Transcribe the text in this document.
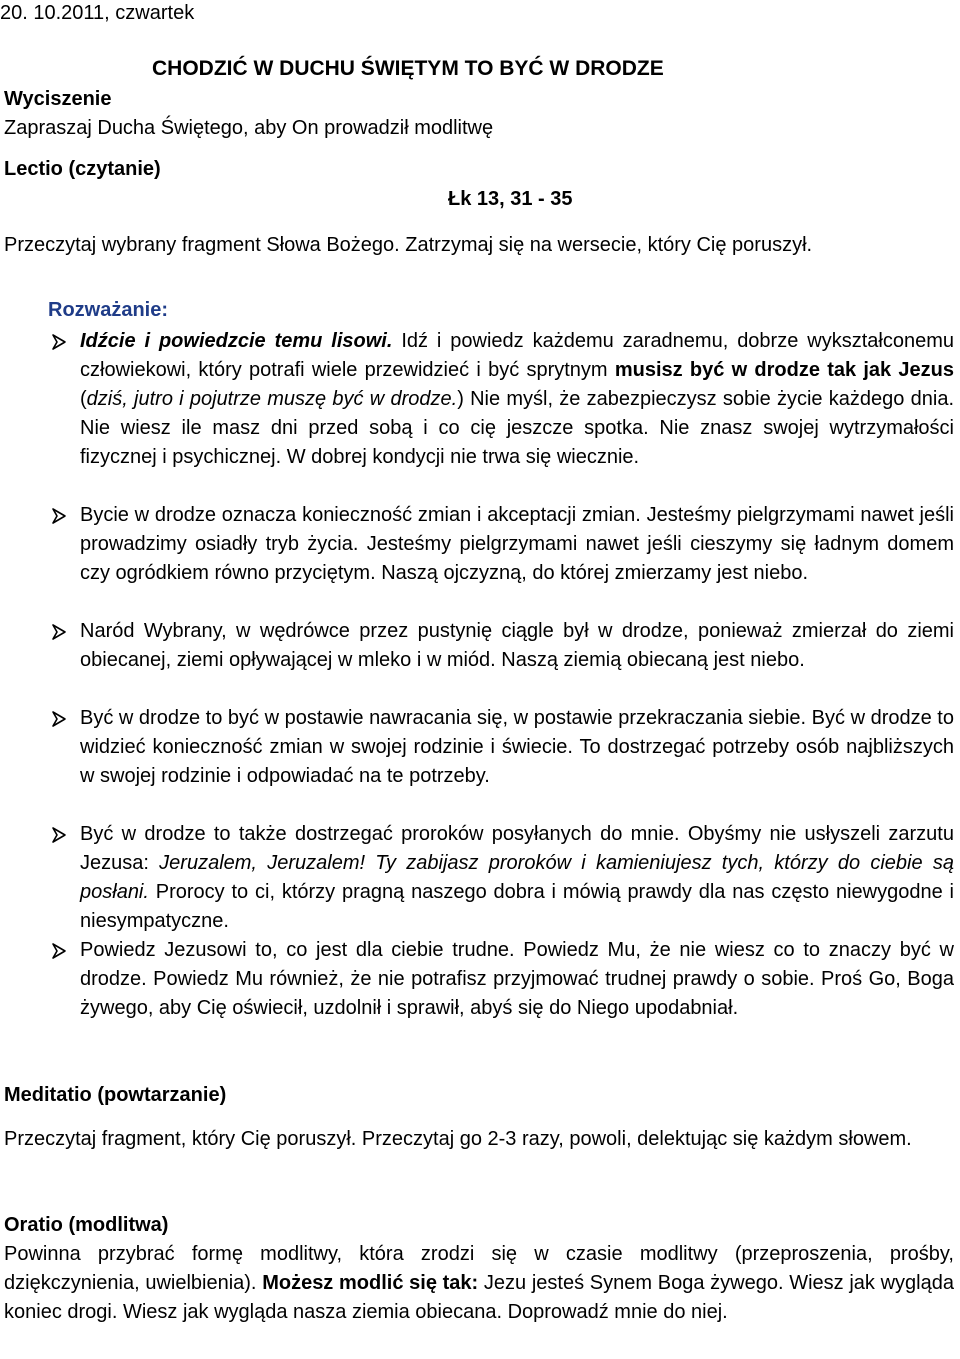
20. 10.2011, czwartek
CHODZIĆ W DUCHU ŚWIĘTYM TO BYĆ W DRODZE
Wyciszenie
Zapraszaj Ducha Świętego, aby On prowadził modlitwę
Lectio (czytanie)
Łk 13, 31 - 35
Przeczytaj wybrany fragment Słowa Bożego. Zatrzymaj się na wersecie, który Cię poruszył.
Rozważanie:

Idźcie i powiedzcie temu lisowi. Idź i powiedz każdemu zaradnemu, dobrze wykształconemu człowiekowi, który potrafi wiele przewidzieć i być sprytnym musisz być w drodze tak jak Jezus (dziś, jutro i pojutrze muszę być w drodze.) Nie myśl, że zabezpieczysz sobie życie każdego dnia. Nie wiesz ile masz dni przed sobą i co cię jeszcze spotka. Nie znasz swojej wytrzymałości fizycznej i psychicznej. W dobrej kondycji nie trwa się wiecznie.

Bycie w drodze oznacza konieczność zmian i akceptacji zmian. Jesteśmy pielgrzymami nawet jeśli prowadzimy osiadły tryb życia. Jesteśmy pielgrzymami nawet jeśli cieszymy się ładnym domem czy ogródkiem równo przyciętym. Naszą ojczyzną, do której zmierzamy jest niebo.

Naród Wybrany, w wędrówce przez pustynię ciągle był w drodze, ponieważ zmierzał do ziemi obiecanej, ziemi opływającej w mleko i w miód. Naszą ziemią obiecaną jest niebo.

Być w drodze to być w postawie nawracania się, w postawie przekraczania siebie. Być w drodze to widzieć konieczność zmian w swojej rodzinie i świecie. To dostrzegać potrzeby osób najbliższych w swojej rodzinie i odpowiadać na te potrzeby.

Być w drodze to także dostrzegać proroków posyłanych do mnie. Obyśmy nie usłyszeli zarzutu Jezusa: Jeruzalem, Jeruzalem! Ty zabijasz proroków i kamieniujesz tych, którzy do ciebie są posłani. Prorocy to ci, którzy pragną naszego dobra i mówią prawdy dla nas często niewygodne i niesympatyczne.

Powiedz Jezusowi to, co jest dla ciebie trudne. Powiedz Mu, że nie wiesz co to znaczy być w drodze. Powiedz Mu również, że nie potrafisz przyjmować trudnej prawdy o sobie. Proś Go, Boga żywego, aby Cię oświecił, uzdolnił i sprawił, abyś się do Niego upodabniał.

Meditatio (powtarzanie)

Przeczytaj fragment, który Cię poruszył. Przeczytaj go 2-3 razy, powoli, delektując się każdym słowem.

Oratio (modlitwa)

Powinna przybrać formę modlitwy, która zrodzi się w czasie modlitwy (przeproszenia, prośby, dziękczynienia, uwielbienia). Możesz modlić się tak: Jezu jesteś Synem Boga żywego. Wiesz jak wygląda koniec drogi. Wiesz jak wygląda nasza ziemia obiecana. Doprowadź mnie do niej.
